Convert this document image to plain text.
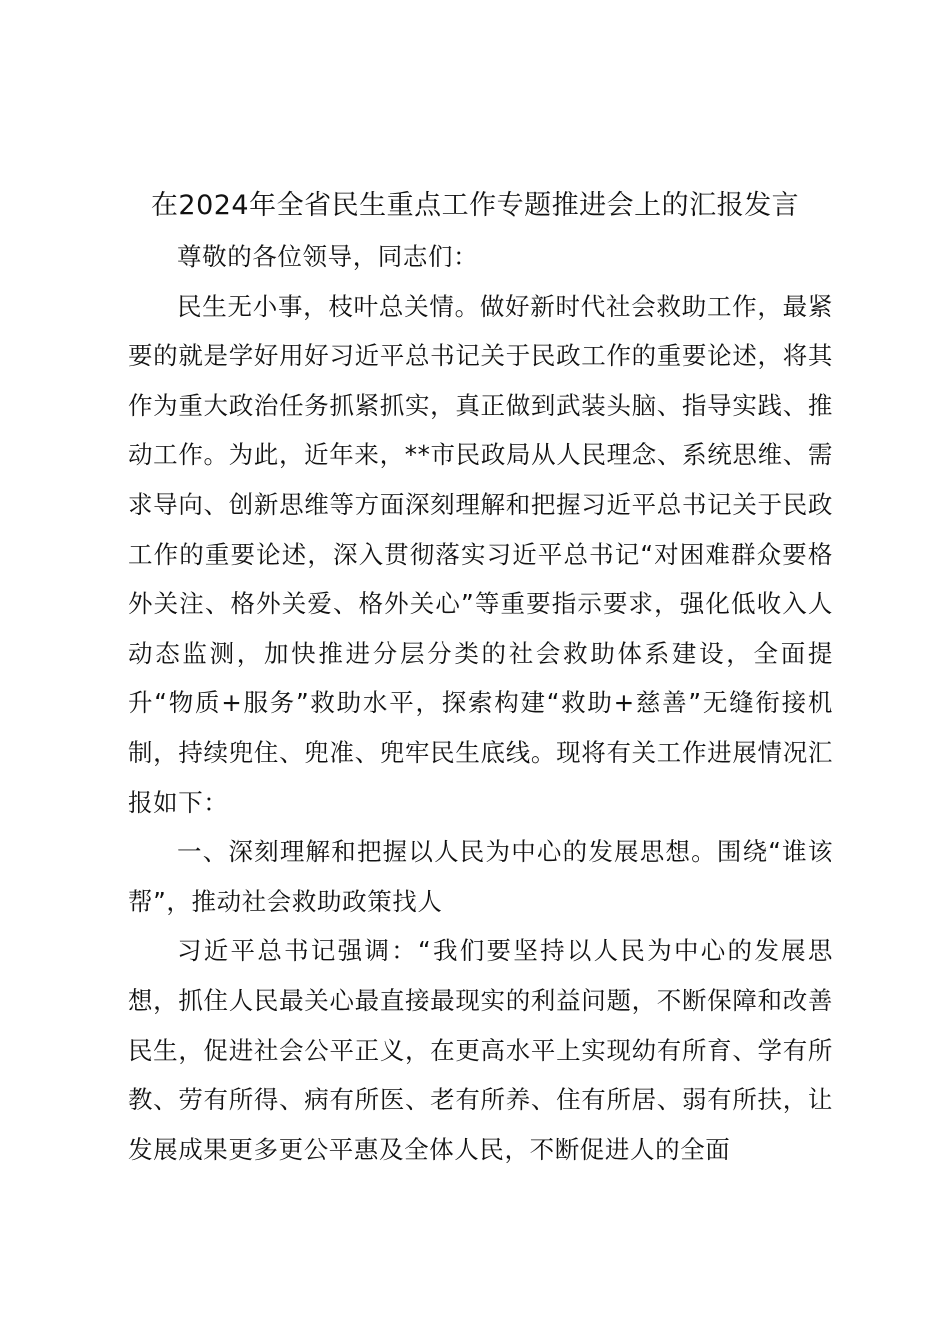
在2024年全省民生重点工作专题推进会上的汇报发言

尊敬的各位领导，同志们：

民生无小事，枝叶总关情。做好新时代社会救助工作，最紧要的就是学好用好习近平总书记关于民政工作的重要论述，将其作为重大政治任务抓紧抓实，真正做到武装头脑、指导实践、推动工作。为此，近年来，**市民政局从人民理念、系统思维、需求导向、创新思维等方面深刻理解和把握习近平总书记关于民政工作的重要论述，深入贯彻落实习近平总书记“对困难群众要格外关注、格外关爱、格外关心”等重要指示要求，强化低收入人动态监测，加快推进分层分类的社会救助体系建设，全面提升“物质+服务”救助水平，探索构建“救助+慈善”无缝衔接机制，持续兜住、兜准、兜牢民生底线。现将有关工作进展情况汇报如下：

一、深刻理解和把握以人民为中心的发展思想。围绕“谁该帮”，推动社会救助政策找人

习近平总书记强调：“我们要坚持以人民为中心的发展思想，抓住人民最关心最直接最现实的利益问题，不断保障和改善民生，促进社会公平正义，在更高水平上实现幼有所育、学有所教、劳有所得、病有所医、老有所养、住有所居、弱有所扶，让发展成果更多更公平惠及全体人民，不断促进人的全面
